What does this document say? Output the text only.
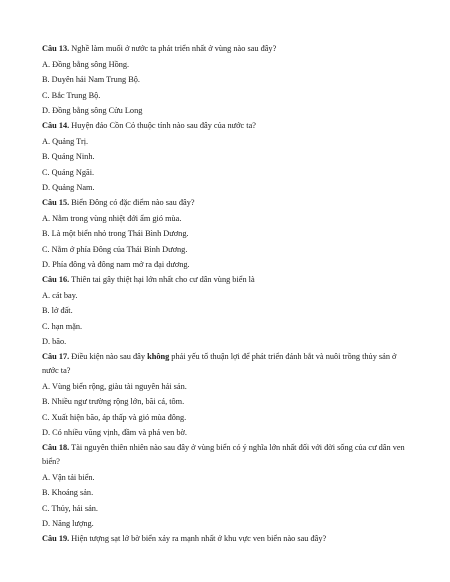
Câu 13. Nghề làm muối ở nước ta phát triển nhất ở vùng nào sau đây?
A. Đồng bằng sông Hồng.
B. Duyên hải Nam Trung Bộ.
C. Bắc Trung Bộ.
D. Đồng bằng sông Cửu Long
Câu 14. Huyện đảo Cồn Cỏ thuộc tỉnh nào sau đây của nước ta?
A. Quảng Trị.
B. Quảng Ninh.
C. Quảng Ngãi.
D. Quảng Nam.
Câu 15. Biển Đông có đặc điểm nào sau đây?
A. Nằm trong vùng nhiệt đới ẩm gió mùa.
B. Là một biển nhỏ trong Thái Bình Dương.
C. Nằm ở phía Đông của Thái Bình Dương.
D. Phía đông và đông nam mở ra đại dương.
Câu 16. Thiên tai gây thiệt hại lớn nhất cho cư dân vùng biển là
A. cát bay.
B. lở đất.
C. hạn mặn.
D. bão.
Câu 17. Điều kiện nào sau đây không phải yếu tố thuận lợi để phát triển đánh bắt và nuôi trồng thủy sản ở nước ta?
A. Vùng biển rộng, giàu tài nguyên hải sản.
B. Nhiều ngư trường rộng lớn, bãi cá, tôm.
C. Xuất hiện bão, áp thấp và gió mùa đông.
D. Có nhiều vũng vịnh, đầm và phá ven bờ.
Câu 18. Tài nguyên thiên nhiên nào sau đây ở vùng biển có ý nghĩa lớn nhất đối với đời sống của cư dân ven biển?
A. Vận tải biển.
B. Khoáng sản.
C. Thủy, hải sản.
D. Năng lượng.
Câu 19. Hiện tượng sạt lở bờ biển xảy ra mạnh nhất ở khu vực ven biển nào sau đây?
